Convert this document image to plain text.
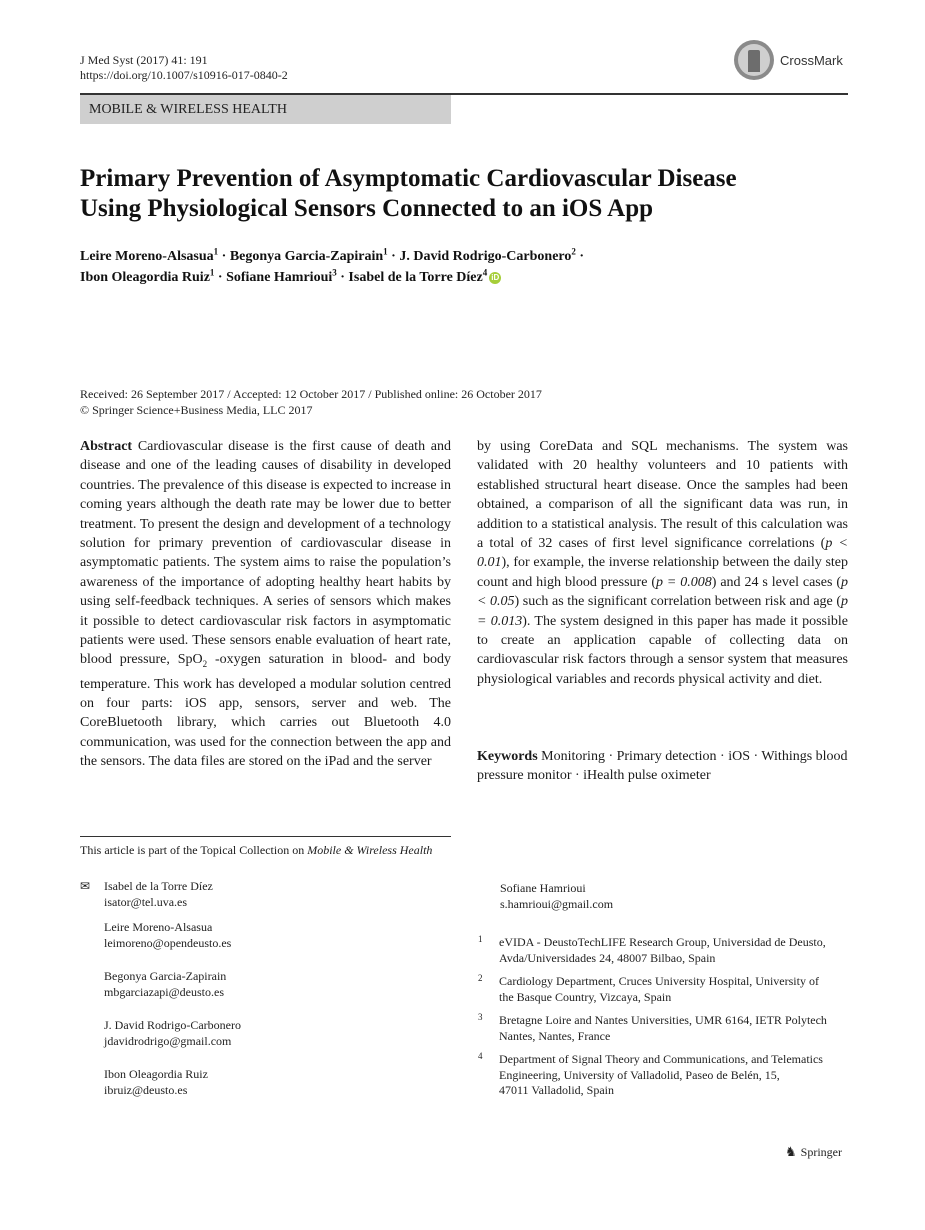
J Med Syst (2017) 41: 191
https://doi.org/10.1007/s10916-017-0840-2
CrossMark
MOBILE & WIRELESS HEALTH
Primary Prevention of Asymptomatic Cardiovascular Disease
Using Physiological Sensors Connected to an iOS App
Leire Moreno-Alsasua$^1$ · Begonya Garcia-Zapirain$^1$ · J. David Rodrigo-Carbonero$^2$ ·
Ibon Oleagordia Ruiz$^1$ · Sofiane Hamrioui$^3$ · Isabel de la Torre Díez$^4$ iD
Received: 26 September 2017 / Accepted: 12 October 2017 / Published online: 26 October 2017
© Springer Science+Business Media, LLC 2017
Abstract Cardiovascular disease is the first cause of death and disease and one of the leading causes of disability in developed countries. The prevalence of this disease is expected to increase in coming years although the death rate may be lower due to better treatment. To present the design and development of a technology solution for primary prevention of cardiovascular disease in asymptomatic patients. The system aims to raise the population’s awareness of the importance of adopting healthy heart habits by using self-feedback techniques. A series of sensors which makes it possible to detect cardiovascular risk factors in asymptomatic patients were used. These sensors enable evaluation of heart rate, blood pressure, SpO$_2$ -oxygen saturation in blood- and body temperature. This work has developed a modular solution centred on four parts: iOS app, sensors, server and web. The CoreBluetooth library, which carries out Bluetooth 4.0 communication, was used for the connection between the app and the sensors. The data files are stored on the iPad and the server
by using CoreData and SQL mechanisms. The system was validated with 20 healthy volunteers and 10 patients with established structural heart disease. Once the samples had been obtained, a comparison of all the significant data was run, in addition to a statistical analysis. The result of this calculation was a total of 32 cases of first level significance correlations (p < 0.01), for example, the inverse relationship between the daily step count and high blood pressure (p = 0.008) and 24 s level cases (p < 0.05) such as the significant correlation between risk and age (p = 0.013). The system designed in this paper has made it possible to create an application capable of collecting data on cardiovascular risk factors through a sensor system that measures physiological variables and records physical activity and diet.
Keywords Monitoring · Primary detection · iOS · Withings blood pressure monitor · iHealth pulse oximeter
This article is part of the Topical Collection on Mobile & Wireless Health
✉ Isabel de la Torre Díez
isator@tel.uva.es
Leire Moreno-Alsasua
leimoreno@opendeusto.es
Begonya Garcia-Zapirain
mbgarciazapi@deusto.es
J. David Rodrigo-Carbonero
jdavidrodrigo@gmail.com
Ibon Oleagordia Ruiz
ibruiz@deusto.es
Sofiane Hamrioui
s.hamrioui@gmail.com
1 eVIDA - DeustoTechLIFE Research Group, Universidad de Deusto,
Avda/Universidades 24, 48007 Bilbao, Spain
2 Cardiology Department, Cruces University Hospital, University of
the Basque Country, Vizcaya, Spain
3 Bretagne Loire and Nantes Universities, UMR 6164, IETR Polytech
Nantes, Nantes, France
4 Department of Signal Theory and Communications, and Telematics
Engineering, University of Valladolid, Paseo de Belén, 15,
47011 Valladolid, Spain
♞ Springer
